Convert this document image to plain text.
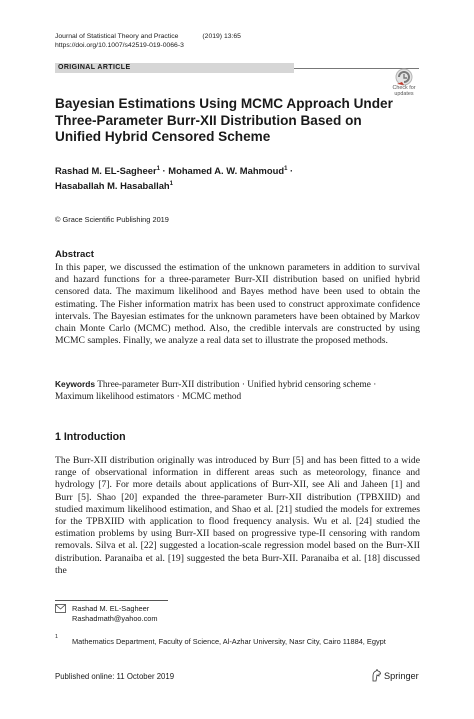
Journal of Statistical Theory and Practice	(2019) 13:65
https://doi.org/10.1007/s42519-019-0066-3
ORIGINAL ARTICLE
Check for
updates
Bayesian Estimations Using MCMC Approach Under Three-Parameter Burr-XII Distribution Based on Unified Hybrid Censored Scheme
Rashad M. EL-Sagheer$^1$ · Mohamed A. W. Mahmoud$^1$ ·
Hasaballah M. Hasaballah$^1$
© Grace Scientific Publishing 2019
Abstract
In this paper, we discussed the estimation of the unknown parameters in addition to survival and hazard functions for a three-parameter Burr-XII distribution based on unified hybrid censored data. The maximum likelihood and Bayes method have been used to obtain the estimating. The Fisher information matrix has been used to construct approximate confidence intervals. The Bayesian estimates for the unknown parameters have been obtained by Markov chain Monte Carlo (MCMC) method. Also, the credible intervals are constructed by using MCMC samples. Finally, we analyze a real data set to illustrate the proposed methods.
Keywords Three-parameter Burr-XII distribution · Unified hybrid censoring scheme · Maximum likelihood estimators · MCMC method
1 Introduction
The Burr-XII distribution originally was introduced by Burr [5] and has been fitted to a wide range of observational information in different areas such as meteorology, finance and hydrology [7]. For more details about applications of Burr-XII, see Ali and Jaheen [1] and Burr [5]. Shao [20] expanded the three-parameter Burr-XII distribution (TPBXIID) and studied maximum likelihood estimation, and Shao et al. [21] studied the models for extremes for the TPBXIID with application to flood frequency analysis. Wu et al. [24] studied the estimation problems by using Burr-XII based on progressive type-II censoring with random removals. Silva et al. [22] suggested a location-scale regression model based on the Burr-XII distribution. Paranaiba et al. [19] suggested the beta Burr-XII. Paranaiba et al. [18] discussed the
Rashad M. EL-Sagheer
Rashadmath@yahoo.com
1 Mathematics Department, Faculty of Science, Al-Azhar University, Nasr City, Cairo 11884, Egypt
Published online: 11 October 2019	Springer
